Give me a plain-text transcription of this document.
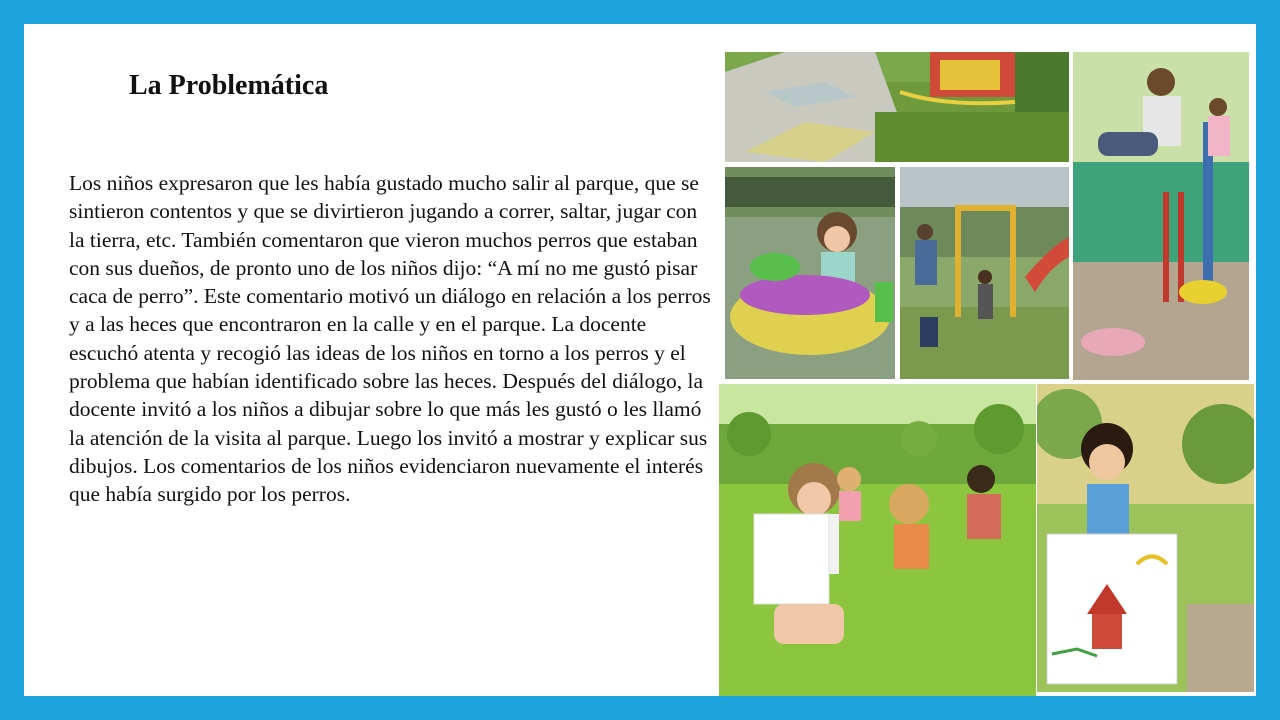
La Problemática

Los niños expresaron que les había gustado mucho salir al parque, que se sintieron contentos y que se divirtieron jugando a correr, saltar, jugar con la tierra, etc. También comentaron que vieron muchos perros que estaban con sus dueños, de pronto uno de los niños dijo: “A mí no me gustó pisar caca de perro”. Este comentario motivó un diálogo en relación a los perros y a las heces que encontraron en la calle y en el parque. La docente escuchó atenta y recogió las ideas de los niños en torno a los perros y el problema que habían identificado sobre las heces. Después del diálogo, la docente invitó a los niños a dibujar sobre lo que más les gustó o les llamó la atención de la visita al parque. Luego los invitó a mostrar y explicar sus dibujos. Los comentarios de los niños evidenciaron nuevamente el interés que había surgido por los perros.
